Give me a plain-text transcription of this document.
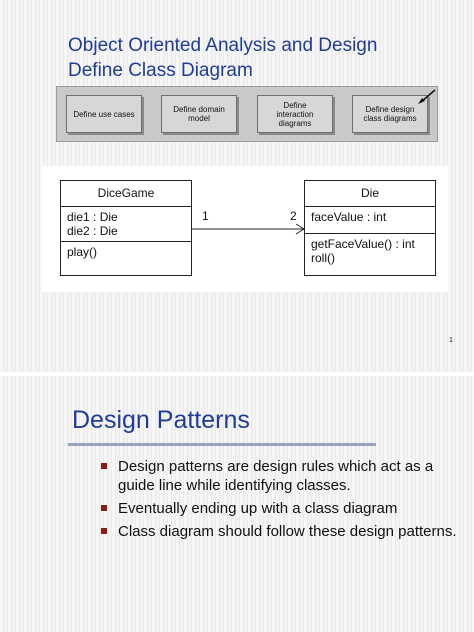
Object Oriented Analysis and Design
Define Class Diagram
Define use cases	Define domain
model
Define
interaction
diagrams
Define design
class diagrams
1	2
DiceGame
die1 : Die
die2 : Die
play()
Die
faceValue : int
getFaceValue() : int
roll()
1
Design Patterns
Design patterns are design rules which act as a guide line while identifying classes.
Eventually ending up with a class diagram
Class diagram should follow these design patterns.
